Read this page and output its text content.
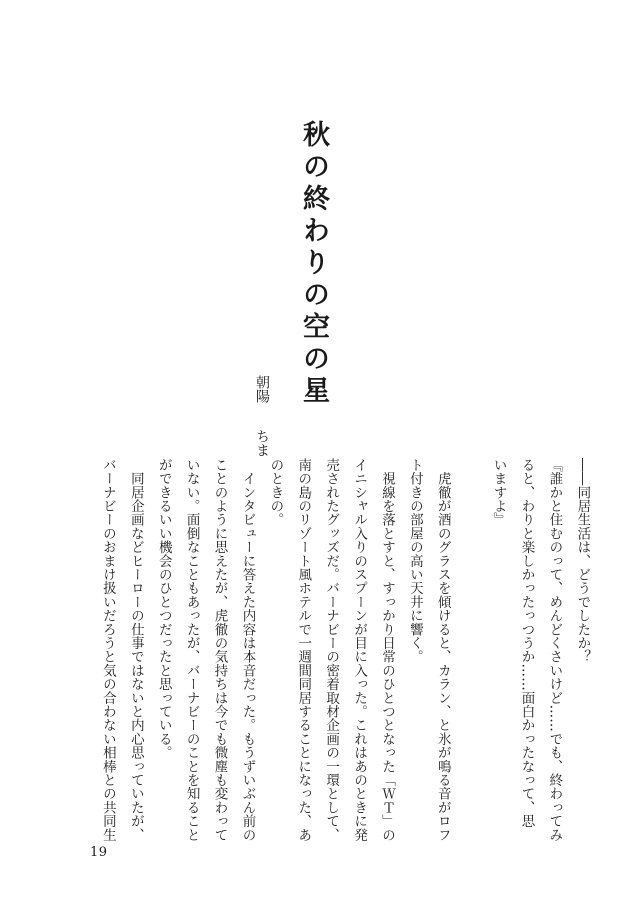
秋の終わりの空の星
朝陽ちま
――同居生活は、どうでしたか？
『誰かと住むのって、めんどくさいけど……でも、終わってみ
ると、わりと楽しかったっつうか……面白かったなって、思
いますよ』

　虎徹が酒のグラスを傾けると、カラン、と氷が鳴る音がロフ
ト付きの部屋の高い天井に響く。
　視線を落とすと、すっかり日常のひとつとなった「ＷＴ」の
イニシャル入りのスプーンが目に入った。これはあのときに発
売されたグッズだ。バーナビーの密着取材企画の一環として、
南の島のリゾート風ホテルで一週間同居することになった、あ
のときの。
　インタビューに答えた内容は本音だった。もうずいぶん前の
ことのように思えたが、虎徹の気持ちは今でも微塵も変わって
いない。面倒なこともあったが、バーナビーのことを知ること
ができるいい機会のひとつだったと思っている。
　同居企画などヒーローの仕事ではないと内心思っていたが、
バーナビーのおまけ扱いだろうと気の合わない相棒との共同生
19
